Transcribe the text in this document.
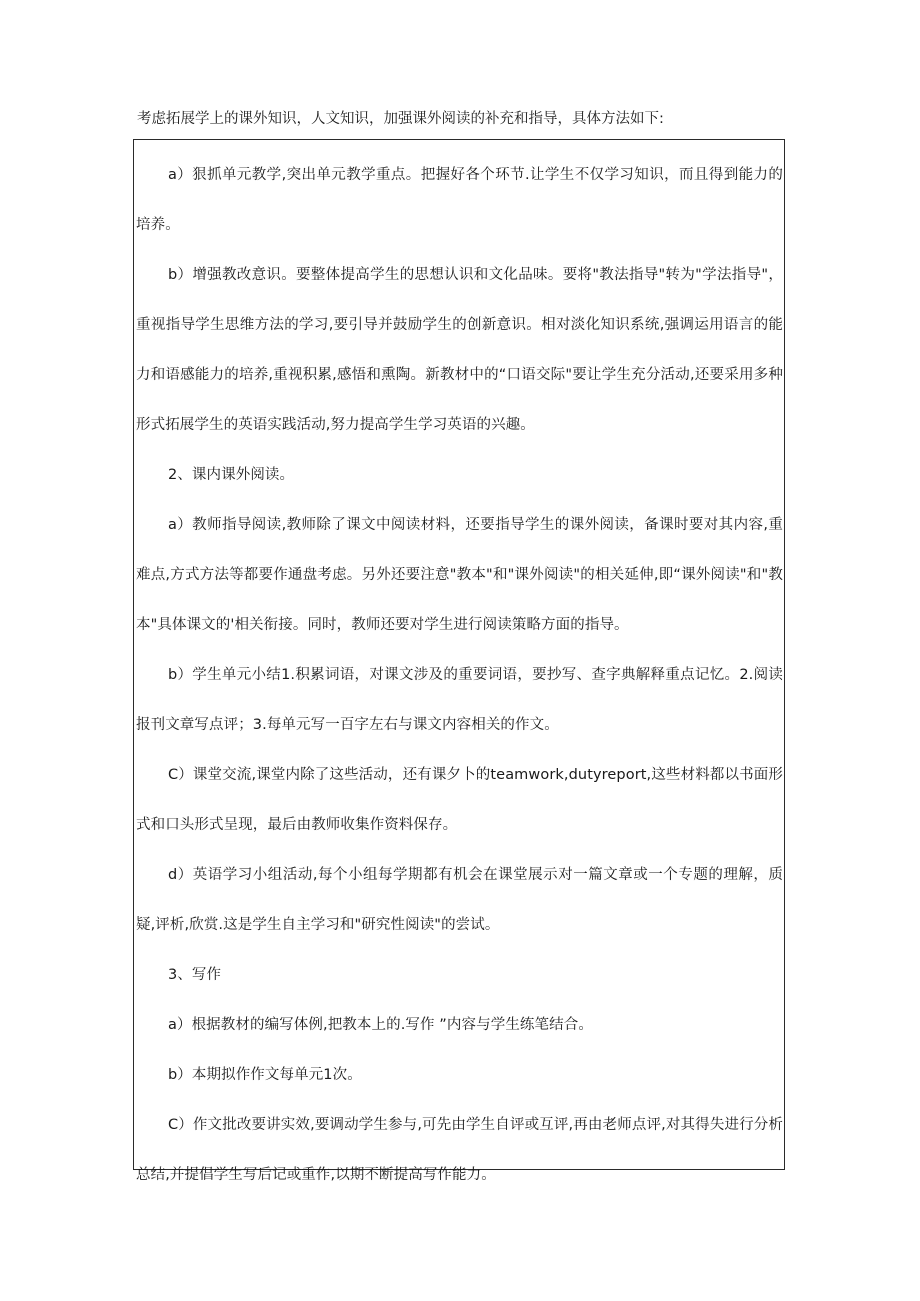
考虑拓展学上的课外知识，人文知识，加强课外阅读的补充和指导，具体方法如下:

a）狠抓单元教学,突出单元教学重点。把握好各个环节.让学生不仅学习知识，而且得到能力的培养。

b）增强教改意识。要整体提高学生的思想认识和文化品味。要将"教法指导"转为"学法指导"，重视指导学生思维方法的学习,要引导并鼓励学生的创新意识。相对淡化知识系统,强调运用语言的能力和语感能力的培养,重视积累,感悟和熏陶。新教材中的“口语交际"要让学生充分活动,还要采用多种形式拓展学生的英语实践活动,努力提高学生学习英语的兴趣。

2、课内课外阅读。

a）教师指导阅读,教师除了课文中阅读材料，还要指导学生的课外阅读，备课时要对其内容,重难点,方式方法等都要作通盘考虑。另外还要注意"教本"和"课外阅读"的相关延伸,即“课外阅读"和"教本"具体课文的'相关衔接。同时，教师还要对学生进行阅读策略方面的指导。

b）学生单元小结1.积累词语，对课文涉及的重要词语，要抄写、查字典解释重点记忆。2.阅读报刊文章写点评；3.每单元写一百字左右与课文内容相关的作文。

C）课堂交流,课堂内除了这些活动，还有课夕卜的teamwork,dutyreport,这些材料都以书面形式和口头形式呈现，最后由教师收集作资料保存。

d）英语学习小组活动,每个小组每学期都有机会在课堂展示对一篇文章或一个专题的理解，质疑,评析,欣赏.这是学生自主学习和"研究性阅读"的尝试。

3、写作

a）根据教材的编写体例,把教本上的.写作 ”内容与学生练笔结合。

b）本期拟作作文每单元1次。

C）作文批改要讲实效,要调动学生参与,可先由学生自评或互评,再由老师点评,对其得失进行分析总结,并提倡学生写后记或重作,以期不断提高写作能力。
